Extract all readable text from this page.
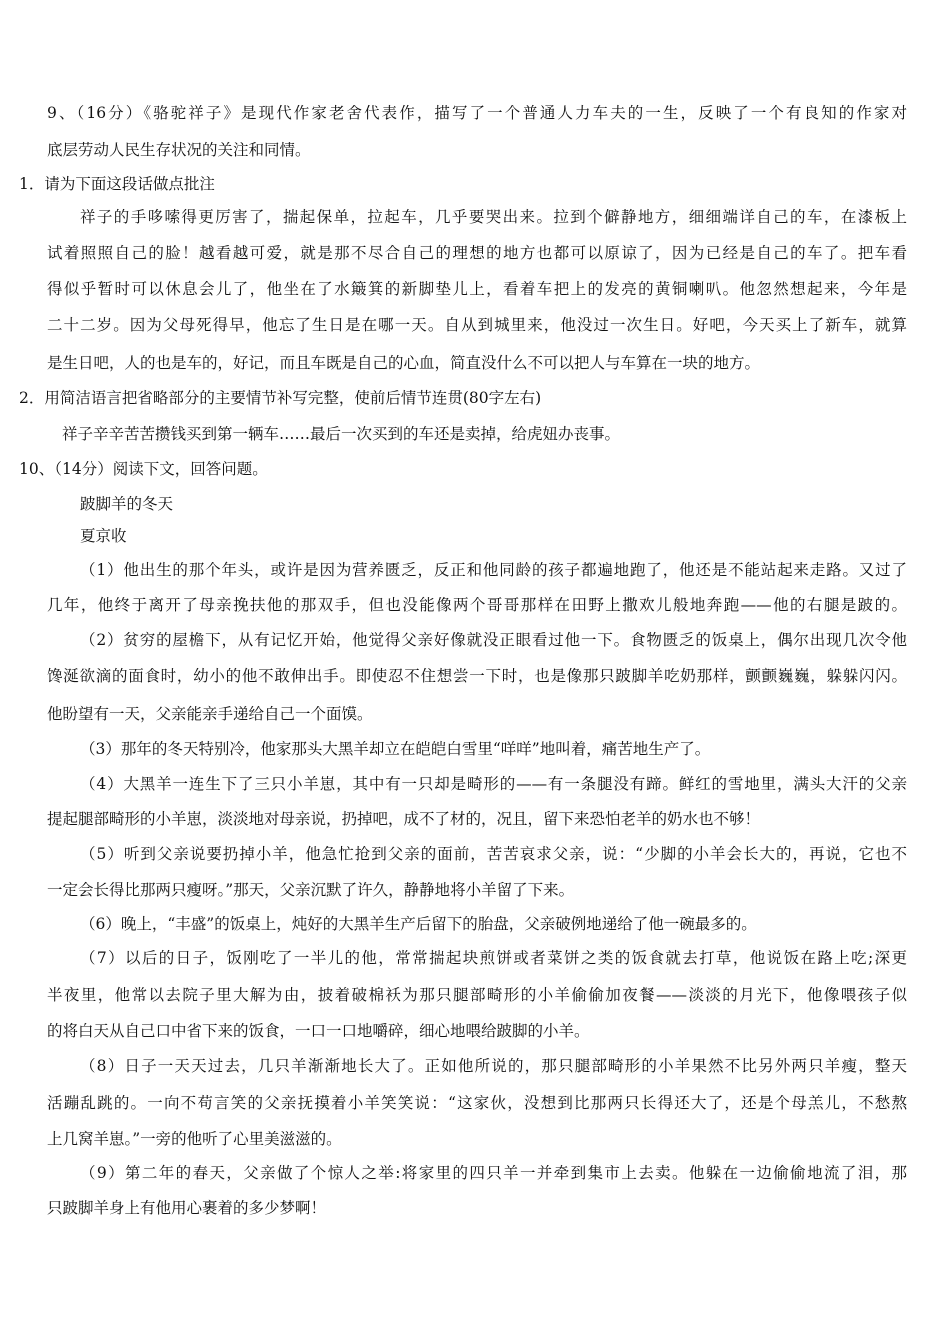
9、（16分）《骆驼祥子》是现代作家老舍代表作，描写了一个普通人力车夫的一生，反映了一个有良知的作家对
底层劳动人民生存状况的关注和同情。
1．请为下面这段话做点批注
祥子的手哆嗦得更厉害了，揣起保单，拉起车，几乎要哭出来。拉到个僻静地方，细细端详自己的车，在漆板上
试着照照自己的脸！越看越可爱，就是那不尽合自己的理想的地方也都可以原谅了，因为已经是自己的车了。把车看
得似乎暂时可以休息会儿了，他坐在了水簸箕的新脚垫儿上，看着车把上的发亮的黄铜喇叭。他忽然想起来，今年是
二十二岁。因为父母死得早，他忘了生日是在哪一天。自从到城里来，他没过一次生日。好吧，今天买上了新车，就算
是生日吧，人的也是车的，好记，而且车既是自己的心血，简直没什么不可以把人与车算在一块的地方。
2．用简洁语言把省略部分的主要情节补写完整，使前后情节连贯(80字左右)
祥子辛辛苦苦攒钱买到第一辆车……最后一次买到的车还是卖掉，给虎妞办丧事。
10、（14分）阅读下文，回答问题。
跛脚羊的冬天
夏京收
（1）他出生的那个年头，或许是因为营养匮乏，反正和他同龄的孩子都遍地跑了，他还是不能站起来走路。又过了
几年，他终于离开了母亲挽扶他的那双手，但也没能像两个哥哥那样在田野上撒欢儿般地奔跑——他的右腿是跛的。
（2）贫穷的屋檐下，从有记忆开始，他觉得父亲好像就没正眼看过他一下。食物匮乏的饭桌上，偶尔出现几次令他
馋涎欲滴的面食时，幼小的他不敢伸出手。即使忍不住想尝一下时，也是像那只跛脚羊吃奶那样，颤颤巍巍，躲躲闪闪。
他盼望有一天，父亲能亲手递给自己一个面馍。
（3）那年的冬天特别冷，他家那头大黑羊却立在皑皑白雪里“咩咩”地叫着，痛苦地生产了。
（4）大黑羊一连生下了三只小羊崽，其中有一只却是畸形的——有一条腿没有蹄。鲜红的雪地里，满头大汗的父亲
提起腿部畸形的小羊崽，淡淡地对母亲说，扔掉吧，成不了材的，况且，留下来恐怕老羊的奶水也不够！
（5）听到父亲说要扔掉小羊，他急忙抢到父亲的面前，苦苦哀求父亲，说：“少脚的小羊会长大的，再说，它也不
一定会长得比那两只瘦呀。”那天，父亲沉默了许久，静静地将小羊留了下来。
（6）晚上，“丰盛”的饭桌上，炖好的大黑羊生产后留下的胎盘，父亲破例地递给了他一碗最多的。
（7）以后的日子，饭刚吃了一半儿的他，常常揣起块煎饼或者菜饼之类的饭食就去打草，他说饭在路上吃;深更
半夜里，他常以去院子里大解为由，披着破棉袄为那只腿部畸形的小羊偷偷加夜餐——淡淡的月光下，他像喂孩子似
的将白天从自己口中省下来的饭食，一口一口地嚼碎，细心地喂给跛脚的小羊。
（8）日子一天天过去，几只羊渐渐地长大了。正如他所说的，那只腿部畸形的小羊果然不比另外两只羊瘦，整天
活蹦乱跳的。一向不苟言笑的父亲抚摸着小羊笑笑说：“这家伙，没想到比那两只长得还大了，还是个母羔儿，不愁熬
上几窝羊崽。”一旁的他听了心里美滋滋的。
（9）第二年的春天，父亲做了个惊人之举:将家里的四只羊一并牵到集市上去卖。他躲在一边偷偷地流了泪，那
只跛脚羊身上有他用心裹着的多少梦啊！
